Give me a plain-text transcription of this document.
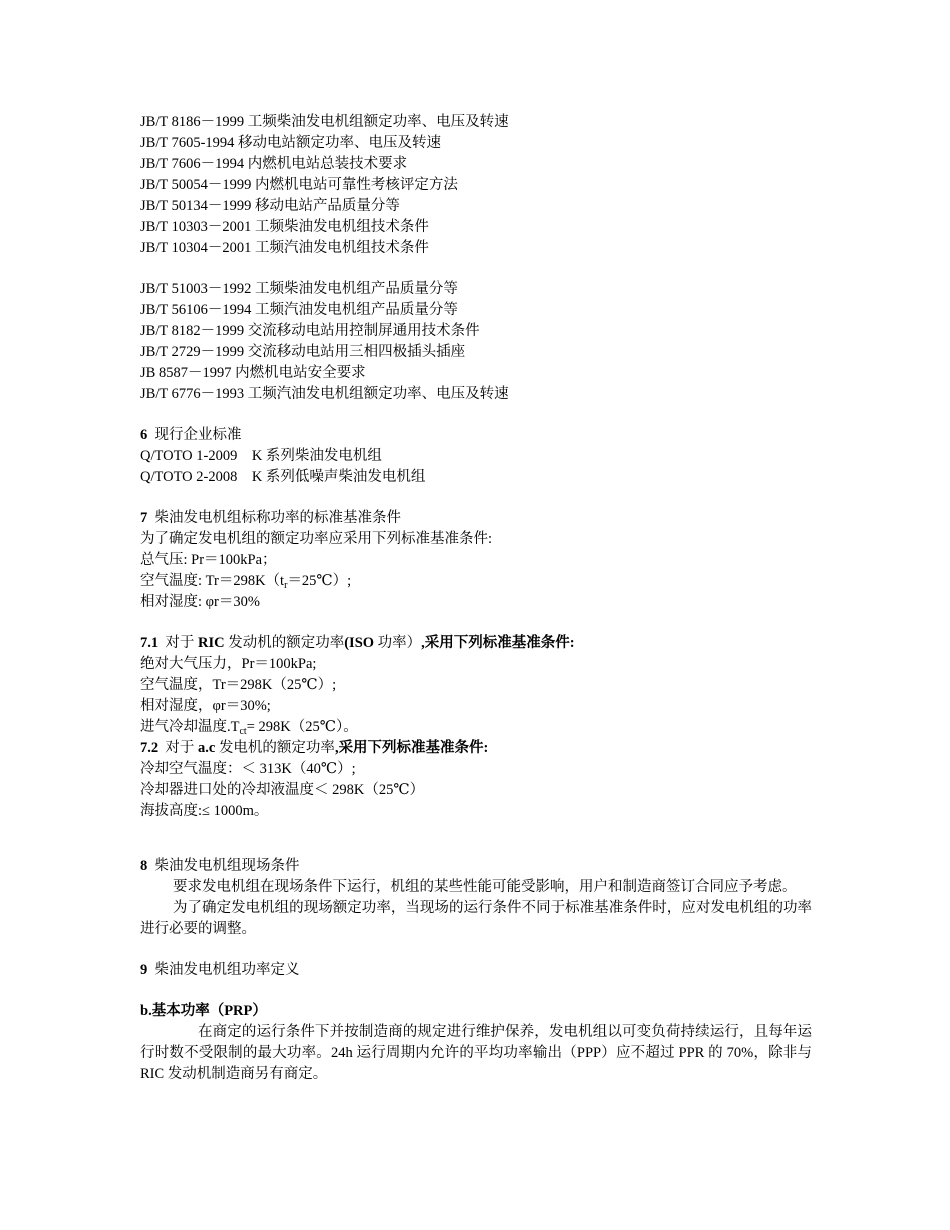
JB/T 8186－1999 工频柴油发电机组额定功率、电压及转速
JB/T 7605-1994 移动电站额定功率、电压及转速
JB/T 7606－1994 内燃机电站总装技术要求
JB/T 50054－1999 内燃机电站可靠性考核评定方法
JB/T 50134－1999 移动电站产品质量分等
JB/T 10303－2001 工频柴油发电机组技术条件
JB/T 10304－2001 工频汽油发电机组技术条件
JB/T 51003－1992 工频柴油发电机组产品质量分等
JB/T 56106－1994 工频汽油发电机组产品质量分等
JB/T 8182－1999 交流移动电站用控制屏通用技术条件
JB/T 2729－1999 交流移动电站用三相四极插头插座
JB 8587－1997 内燃机电站安全要求
JB/T 6776－1993 工频汽油发电机组额定功率、电压及转速
6 现行企业标准
Q/TOTO 1-2009　K 系列柴油发电机组
Q/TOTO 2-2008　K 系列低噪声柴油发电机组
7 柴油发电机组标称功率的标准基准条件
为了确定发电机组的额定功率应采用下列标准基准条件:
总气压: Pr＝100kPa；
空气温度: $Tr=298K(t_r=25℃)$;
相对湿度: φr＝30%
7.1 对于 RIC 发动机的额定功率(ISO 功率）,采用下列标准基准条件:
绝对大气压力，Pr＝100kPa;
空气温度，Tr＝298K（25℃）;
相对湿度，φr＝30%;
进气冷却温度$.T_{ct}=$ 298K（25℃）。
7.2 对于 a.c 发电机的额定功率,采用下列标准基准条件:
冷却空气温度：＜ 313K（40℃）;
冷却器进口处的冷却液温度＜ 298K（25℃）
海拔高度:≤ 1000m。
8 柴油发电机组现场条件
要求发电机组在现场条件下运行，机组的某些性能可能受影响，用户和制造商签订合同应予考虑。
为了确定发电机组的现场额定功率，当现场的运行条件不同于标准基准条件时，应对发电机组的功率进行必要的调整。
9 柴油发电机组功率定义
b.基本功率（PRP）
在商定的运行条件下并按制造商的规定进行维护保养，发电机组以可变负荷持续运行，且每年运行时数不受限制的最大功率。24h 运行周期内允许的平均功率输出（PPP）应不超过 PPR 的 70%，除非与 RIC 发动机制造商另有商定。
